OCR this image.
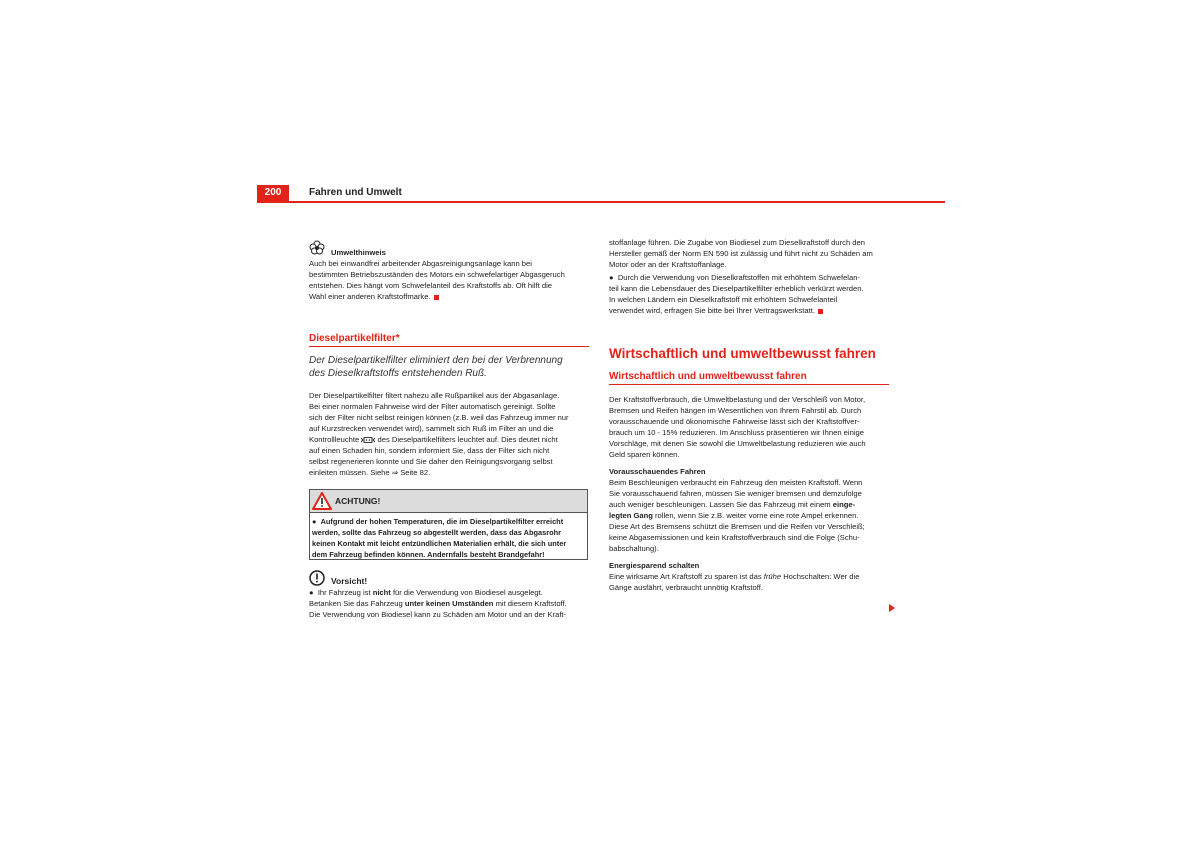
200	Fahren und Umwelt
Umwelthinweis
Auch bei einwandfrei arbeitender Abgasreinigungsanlage kann bei
bestimmten Betriebszuständen des Motors ein schwefelartiger Abgasgeruch
entstehen. Dies hängt vom Schwefelanteil des Kraftstoffs ab. Oft hilft die
Wahl einer anderen Kraftstoffmarke.
Dieselpartikelfilter*
Der Dieselpartikelfilter eliminiert den bei der Verbrennung
des Dieselkraftstoffs entstehenden Ruß.
Der Dieselpartikelfilter filtert nahezu alle Rußpartikel aus der Abgasanlage.
Bei einer normalen Fahrweise wird der Filter automatisch gereinigt. Sollte
sich der Filter nicht selbst reinigen können (z.B. weil das Fahrzeug immer nur
auf Kurzstrecken verwendet wird), sammelt sich Ruß im Filter an und die
Kontrollleuchte des Dieselpartikelfilters leuchtet auf. Dies deutet nicht
auf einen Schaden hin, sondern informiert Sie, dass der Filter sich nicht
selbst regenerieren konnte und Sie daher den Reinigungsvorgang selbst
einleiten müssen. Siehe ⇒ Seite 82.
ACHTUNG!
●  Aufgrund der hohen Temperaturen, die im Dieselpartikelfilter erreicht
werden, sollte das Fahrzeug so abgestellt werden, dass das Abgasrohr
keinen Kontakt mit leicht entzündlichen Materialien erhält, die sich unter
dem Fahrzeug befinden können. Andernfalls besteht Brandgefahr!
Vorsicht!
●  Ihr Fahrzeug ist nicht für die Verwendung von Biodiesel ausgelegt.
Betanken Sie das Fahrzeug unter keinen Umständen mit diesem Kraftstoff.
Die Verwendung von Biodiesel kann zu Schäden am Motor und an der Kraft-
stoffanlage führen. Die Zugabe von Biodiesel zum Dieselkraftstoff durch den
Hersteller gemäß der Norm EN 590 ist zulässig und führt nicht zu Schäden am
Motor oder an der Kraftstoffanlage.
●  Durch die Verwendung von Dieselkraftstoffen mit erhöhtem Schwefelan-
teil kann die Lebensdauer des Dieselpartikelfilter erheblich verkürzt werden.
In welchen Ländern ein Dieselkraftstoff mit erhöhtem Schwefelanteil
verwendet wird, erfragen Sie bitte bei Ihrer Vertragswerkstatt.
Wirtschaftlich und umweltbewusst fahren
Wirtschaftlich und umweltbewusst fahren
Der Kraftstoffverbrauch, die Umweltbelastung und der Verschleiß von Motor,
Bremsen und Reifen hängen im Wesentlichen von Ihrem Fahrstil ab. Durch
vorausschauende und ökonomische Fahrweise lässt sich der Kraftstoffver-
brauch um 10 - 15% reduzieren. Im Anschluss präsentieren wir Ihnen einige
Vorschläge, mit denen Sie sowohl die Umweltbelastung reduzieren wie auch
Geld sparen können.
Vorausschauendes Fahren
Beim Beschleunigen verbraucht ein Fahrzeug den meisten Kraftstoff. Wenn
Sie vorausschauend fahren, müssen Sie weniger bremsen und demzufolge
auch weniger beschleunigen. Lassen Sie das Fahrzeug mit einem einge-
legten Gang rollen, wenn Sie z.B. weiter vorne eine rote Ampel erkennen.
Diese Art des Bremsens schützt die Bremsen und die Reifen vor Verschleiß;
keine Abgasemissionen und kein Kraftstoffverbrauch sind die Folge (Schu-
babschaltung).
Energiesparend schalten
Eine wirksame Art Kraftstoff zu sparen ist das frühe Hochschalten: Wer die
Gänge ausfährt, verbraucht unnötig Kraftstoff.
